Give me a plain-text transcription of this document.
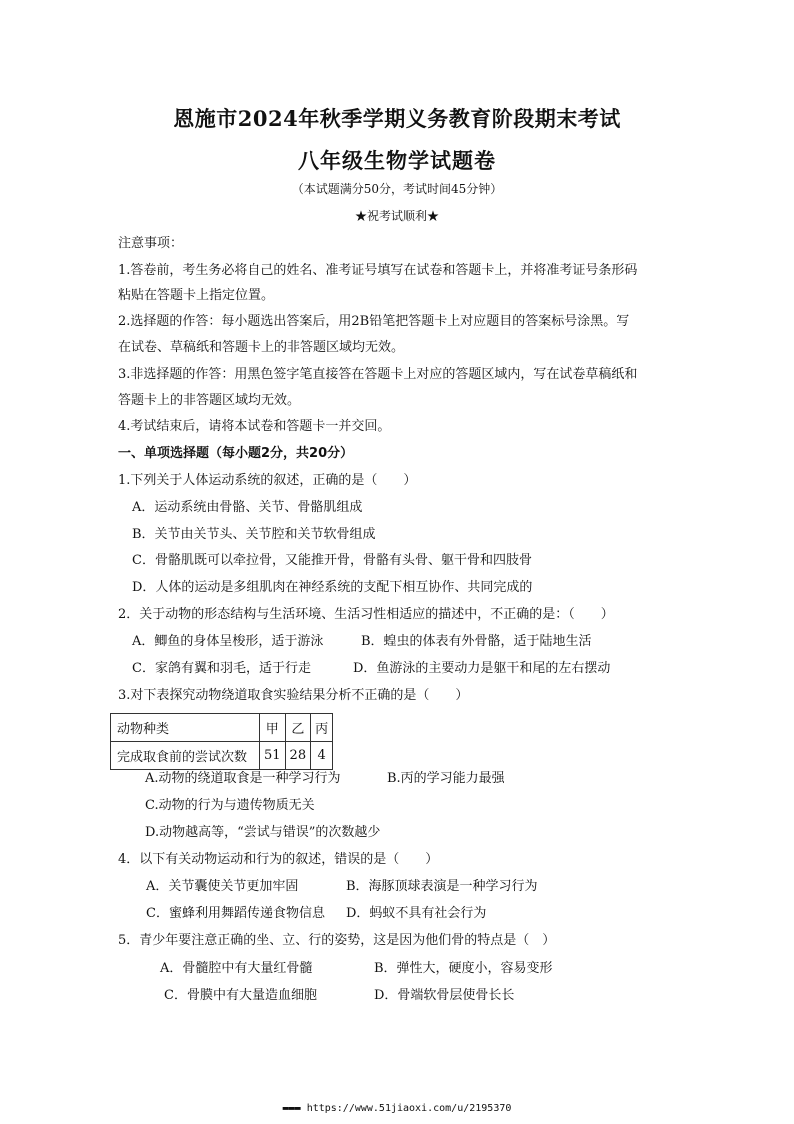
恩施市2024年秋季学期义务教育阶段期末考试
八年级生物学试题卷
（本试题满分50分，考试时间45分钟）
★祝考试顺利★
注意事项：
1.答卷前，考生务必将自己的姓名、准考证号填写在试卷和答题卡上，并将准考证号条形码
粘贴在答题卡上指定位置。
2.选择题的作答：每小题选出答案后，用2B铅笔把答题卡上对应题目的答案标号涂黑。写
在试卷、草稿纸和答题卡上的非答题区域均无效。
3.非选择题的作答：用黑色签字笔直接答在答题卡上对应的答题区域内，写在试卷草稿纸和
答题卡上的非答题区域均无效。
4.考试结束后，请将本试卷和答题卡一并交回。
一、单项选择题（每小题2分，共20分）
1.下列关于人体运动系统的叙述，正确的是（　　）
A．运动系统由骨骼、关节、骨骼肌组成
B．关节由关节头、关节腔和关节软骨组成
C．骨骼肌既可以牵拉骨，又能推开骨，骨骼有头骨、躯干骨和四肢骨
D．人体的运动是多组肌肉在神经系统的支配下相互协作、共同完成的
2．关于动物的形态结构与生活环境、生活习性相适应的描述中，不正确的是：（　　）
A．鲫鱼的身体呈梭形，适于游泳	B．蝗虫的体表有外骨骼，适于陆地生活
C．家鸽有翼和羽毛，适于行走	D．鱼游泳的主要动力是躯干和尾的左右摆动
3.对下表探究动物绕道取食实验结果分析不正确的是（　　）
动物种类	甲	乙	丙
完成取食前的尝试次数	51	28	4
A.动物的绕道取食是一种学习行为	B.丙的学习能力最强
C.动物的行为与遗传物质无关
D.动物越高等，“尝试与错误”的次数越少
4．以下有关动物运动和行为的叙述，错误的是（　　）
A．关节囊使关节更加牢固	B．海豚顶球表演是一种学习行为
C．蜜蜂利用舞蹈传递食物信息 D．蚂蚁不具有社会行为
5．青少年要注意正确的坐、立、行的姿势，这是因为他们骨的特点是（　）
A．骨髓腔中有大量红骨髓	B．弹性大，硬度小，容易变形
C．骨膜中有大量造血细胞	D．骨端软骨层使骨长长
▬▬▬ https://www.51jiaoxi.com/u/2195370
